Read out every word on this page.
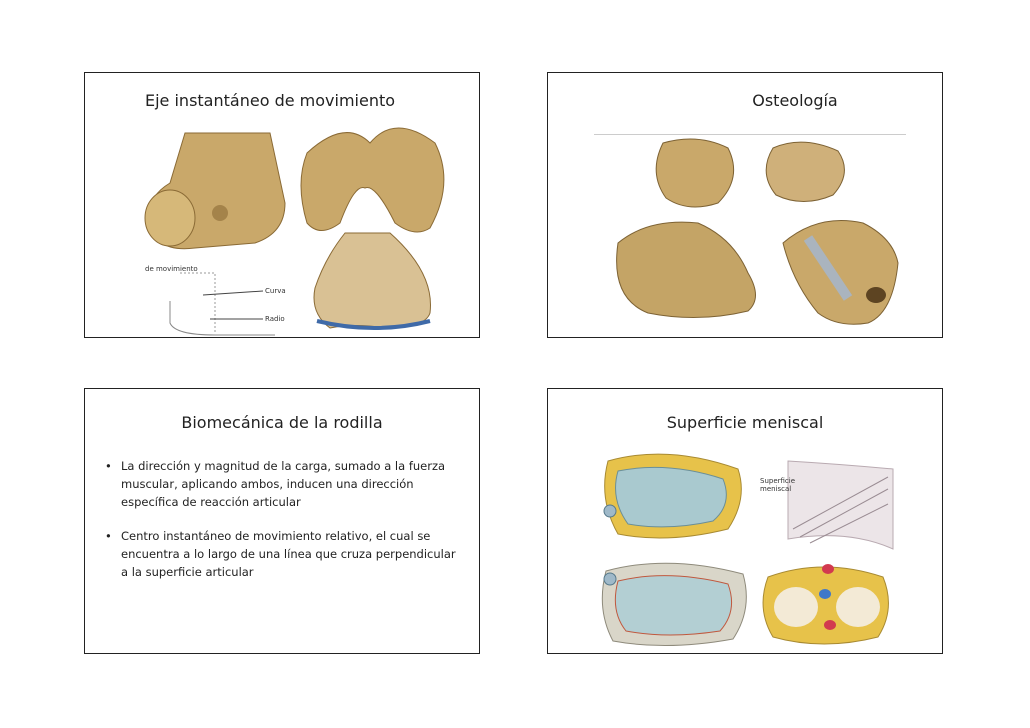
Eje instantáneo de movimiento
de movimiento
Curva
Radio
Osteología
Biomecánica de la rodilla
• La dirección y magnitud de la carga, sumado a la fuerza muscular, aplicando ambos, inducen una dirección específica de reacción articular
• Centro instantáneo de movimiento relativo, el cual se encuentra a lo largo de una línea que cruza perpendicular a la superficie articular
Superficie meniscal
Superficie meniscal
